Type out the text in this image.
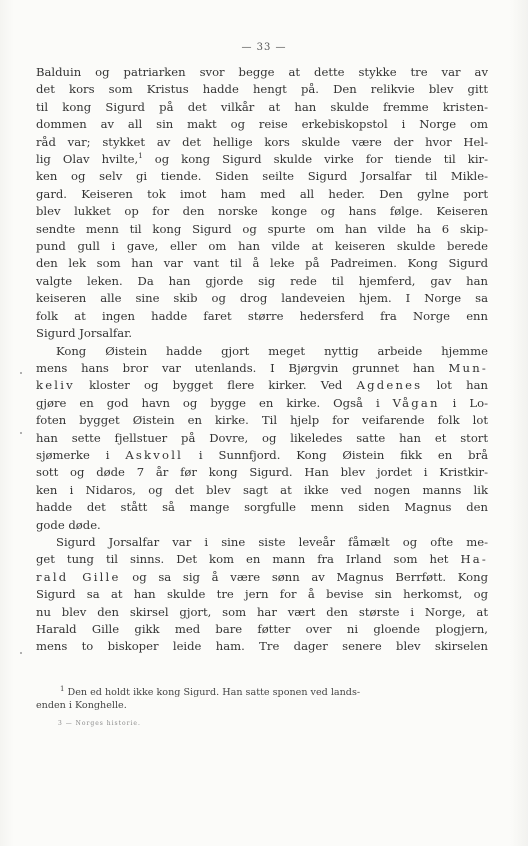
— 33 —
Balduin og patriarken svor begge at dette stykke tre var av
det kors som Kristus hadde hengt på. Den relikvie blev gitt
til kong Sigurd på det vilkår at han skulde fremme kristen-
dommen av all sin makt og reise erkebiskopstol i Norge om
råd var; stykket av det hellige kors skulde være der hvor Hel-
lig Olav hvilte,$^1$ og kong Sigurd skulde virke for tiende til kir-
ken og selv gi tiende. Siden seilte Sigurd Jorsalfar til Mikle-
gard. Keiseren tok imot ham med all heder. Den gylne port
blev lukket op for den norske konge og hans følge. Keiseren
sendte menn til kong Sigurd og spurte om han vilde ha 6 skip-
pund gull i gave, eller om han vilde at keiseren skulde berede
den lek som han var vant til å leke på Padreimen. Kong Sigurd
valgte leken. Da han gjorde sig rede til hjemferd, gav han
keiseren alle sine skib og drog landeveien hjem. I Norge sa
folk at ingen hadde faret større hedersferd fra Norge enn
Sigurd Jorsalfar.
Kong Øistein hadde gjort meget nyttig arbeide hjemme
mens hans bror var utenlands. I Bjørgvin grunnet han Mun-
keliv kloster og bygget flere kirker. Ved Agdenes lot han
gjøre en god havn og bygge en kirke. Også i Vågan i Lo-
foten bygget Øistein en kirke. Til hjelp for veifarende folk lot
han sette fjellstuer på Dovre, og likeledes satte han et stort
sjømerke i Askvoll i Sunnfjord. Kong Øistein fikk en brå
sott og døde 7 år før kong Sigurd. Han blev jordet i Kristkir-
ken i Nidaros, og det blev sagt at ikke ved nogen manns lik
hadde det stått så mange sorgfulle menn siden Magnus den
gode døde.
Sigurd Jorsalfar var i sine siste leveår fåmælt og ofte me-
get tung til sinns. Det kom en mann fra Irland som het Ha-
rald Gille og sa sig å være sønn av Magnus Berrføtt. Kong
Sigurd sa at han skulde tre jern for å bevise sin herkomst, og
nu blev den skirsel gjort, som har vært den største i Norge, at
Harald Gille gikk med bare føtter over ni gloende plogjern,
mens to biskoper leide ham. Tre dager senere blev skirselen
$^1$ Den ed holdt ikke kong Sigurd. Han satte sponen ved lands-
enden i Konghelle.
3 — Norges historie.
